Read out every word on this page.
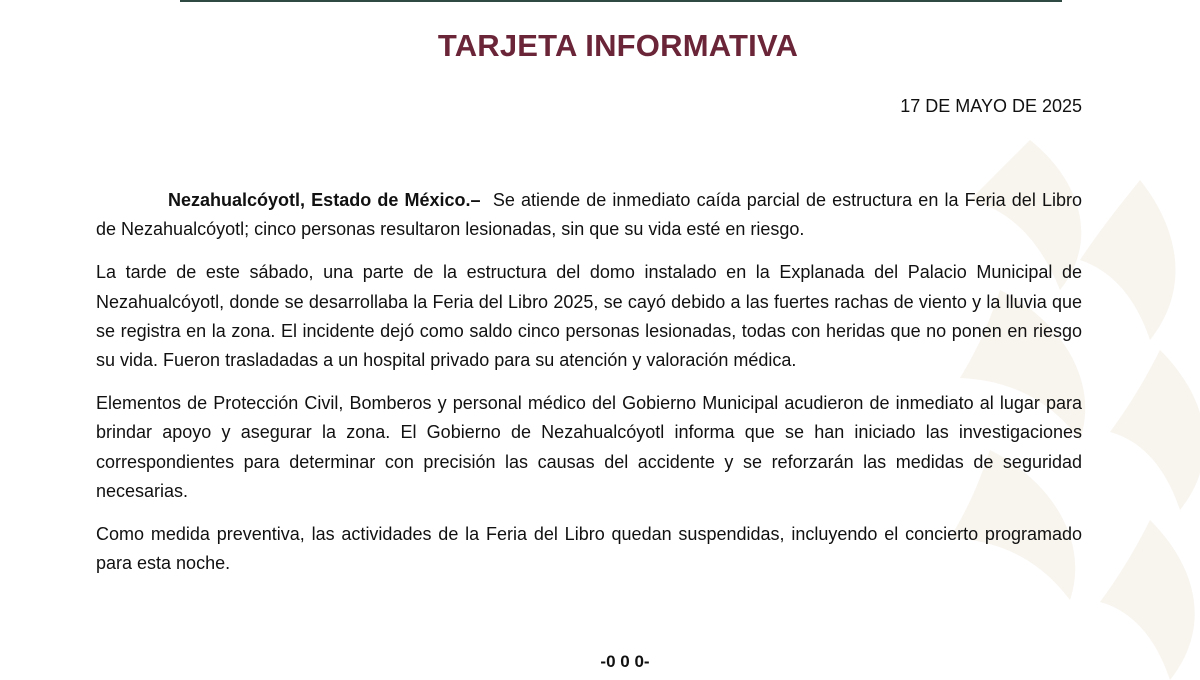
TARJETA INFORMATIVA
17 DE MAYO DE 2025

Nezahualcóyotl, Estado de México.– Se atiende de inmediato caída parcial de estructura en la Feria del Libro de Nezahualcóyotl; cinco personas resultaron lesionadas, sin que su vida esté en riesgo.

La tarde de este sábado, una parte de la estructura del domo instalado en la Explanada del Palacio Municipal de Nezahualcóyotl, donde se desarrollaba la Feria del Libro 2025, se cayó debido a las fuertes rachas de viento y la lluvia que se registra en la zona. El incidente dejó como saldo cinco personas lesionadas, todas con heridas que no ponen en riesgo su vida. Fueron trasladadas a un hospital privado para su atención y valoración médica.

Elementos de Protección Civil, Bomberos y personal médico del Gobierno Municipal acudieron de inmediato al lugar para brindar apoyo y asegurar la zona. El Gobierno de Nezahualcóyotl informa que se han iniciado las investigaciones correspondientes para determinar con precisión las causas del accidente y se reforzarán las medidas de seguridad necesarias.

Como medida preventiva, las actividades de la Feria del Libro quedan suspendidas, incluyendo el concierto programado para esta noche.

-0 0 0-
